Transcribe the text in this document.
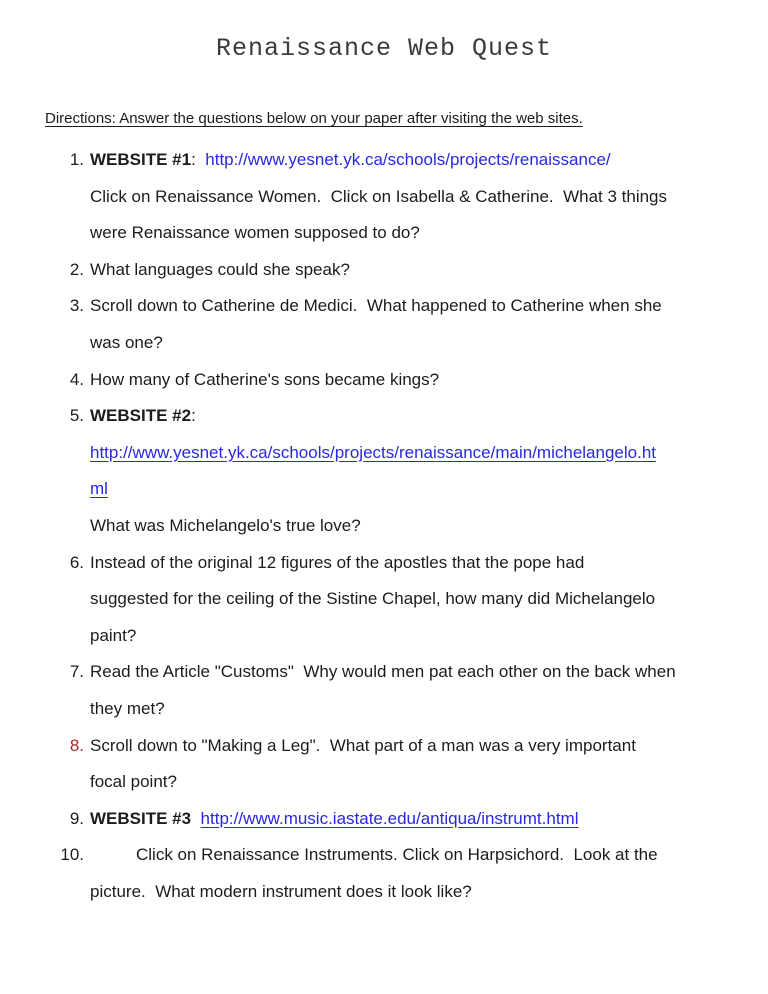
Renaissance Web Quest
Directions: Answer the questions below on your paper after visiting the web sites.
1. WEBSITE #1:  http://www.yesnet.yk.ca/schools/projects/renaissance/
Click on Renaissance Women.  Click on Isabella & Catherine.  What 3 things
were Renaissance women supposed to do?
2. What languages could she speak?
3. Scroll down to Catherine de Medici.  What happened to Catherine when she
was one?
4. How many of Catherine's sons became kings?
5. WEBSITE #2:
http://www.yesnet.yk.ca/schools/projects/renaissance/main/michelangelo.ht
ml
What was Michelangelo's true love?
6. Instead of the original 12 figures of the apostles that the pope had
suggested for the ceiling of the Sistine Chapel, how many did Michelangelo
paint?
7. Read the Article "Customs"  Why would men pat each other on the back when
they met?
8. Scroll down to "Making a Leg".  What part of a man was a very important
focal point?
9. WEBSITE #3 http://www.music.iastate.edu/antiqua/instrumt.html
10.	Click on Renaissance Instruments. Click on Harpsichord.  Look at the
picture.  What modern instrument does it look like?
